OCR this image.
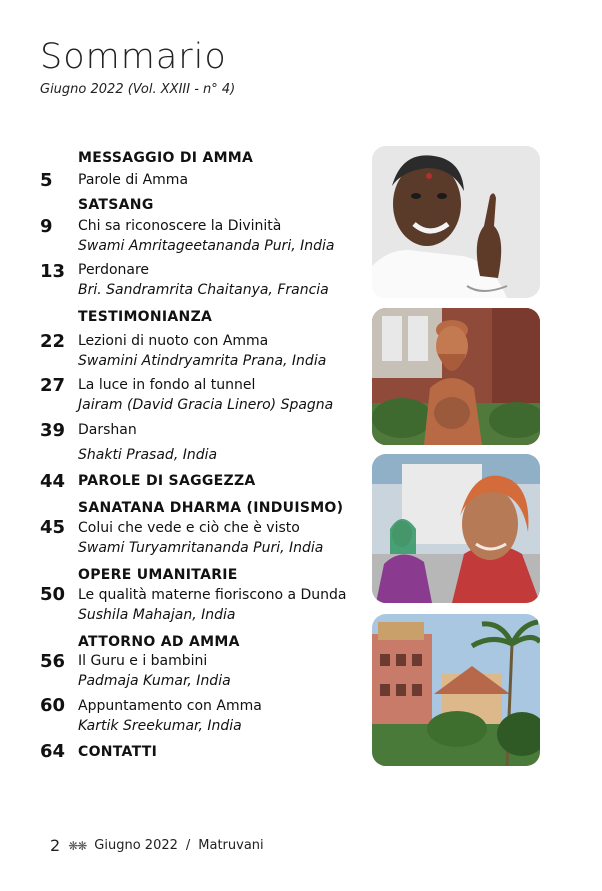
Sommario
Giugno 2022 (Vol. XXIII - n° 4)
MESSAGGIO DI AMMA
5 Parole di Amma
SATSANG
9 Chi sa riconoscere la Divinità
Swami Amritageetananda Puri, India
13 Perdonare
Bri. Sandramrita Chaitanya, Francia
TESTIMONIANZA
22 Lezioni di nuoto con Amma
Swamini Atindryamrita Prana, India
27 La luce in fondo al tunnel
Jairam (David Gracia Linero) Spagna
39 Darshan
Shakti Prasad, India
44 PAROLE DI SAGGEZZA
SANATANA DHARMA (INDUISMO)
45 Colui che vede e ciò che è visto
Swami Turyamritananda Puri, India
OPERE UMANITARIE
50 Le qualità materne fioriscono a Dunda
Sushila Mahajan, India
ATTORNO AD AMMA
56 Il Guru e i bambini
Padmaja Kumar, India
60 Appuntamento con Amma
Kartik Sreekumar, India
64 CONTATTI
2 ❋❋ Giugno 2022 / Matruvani
